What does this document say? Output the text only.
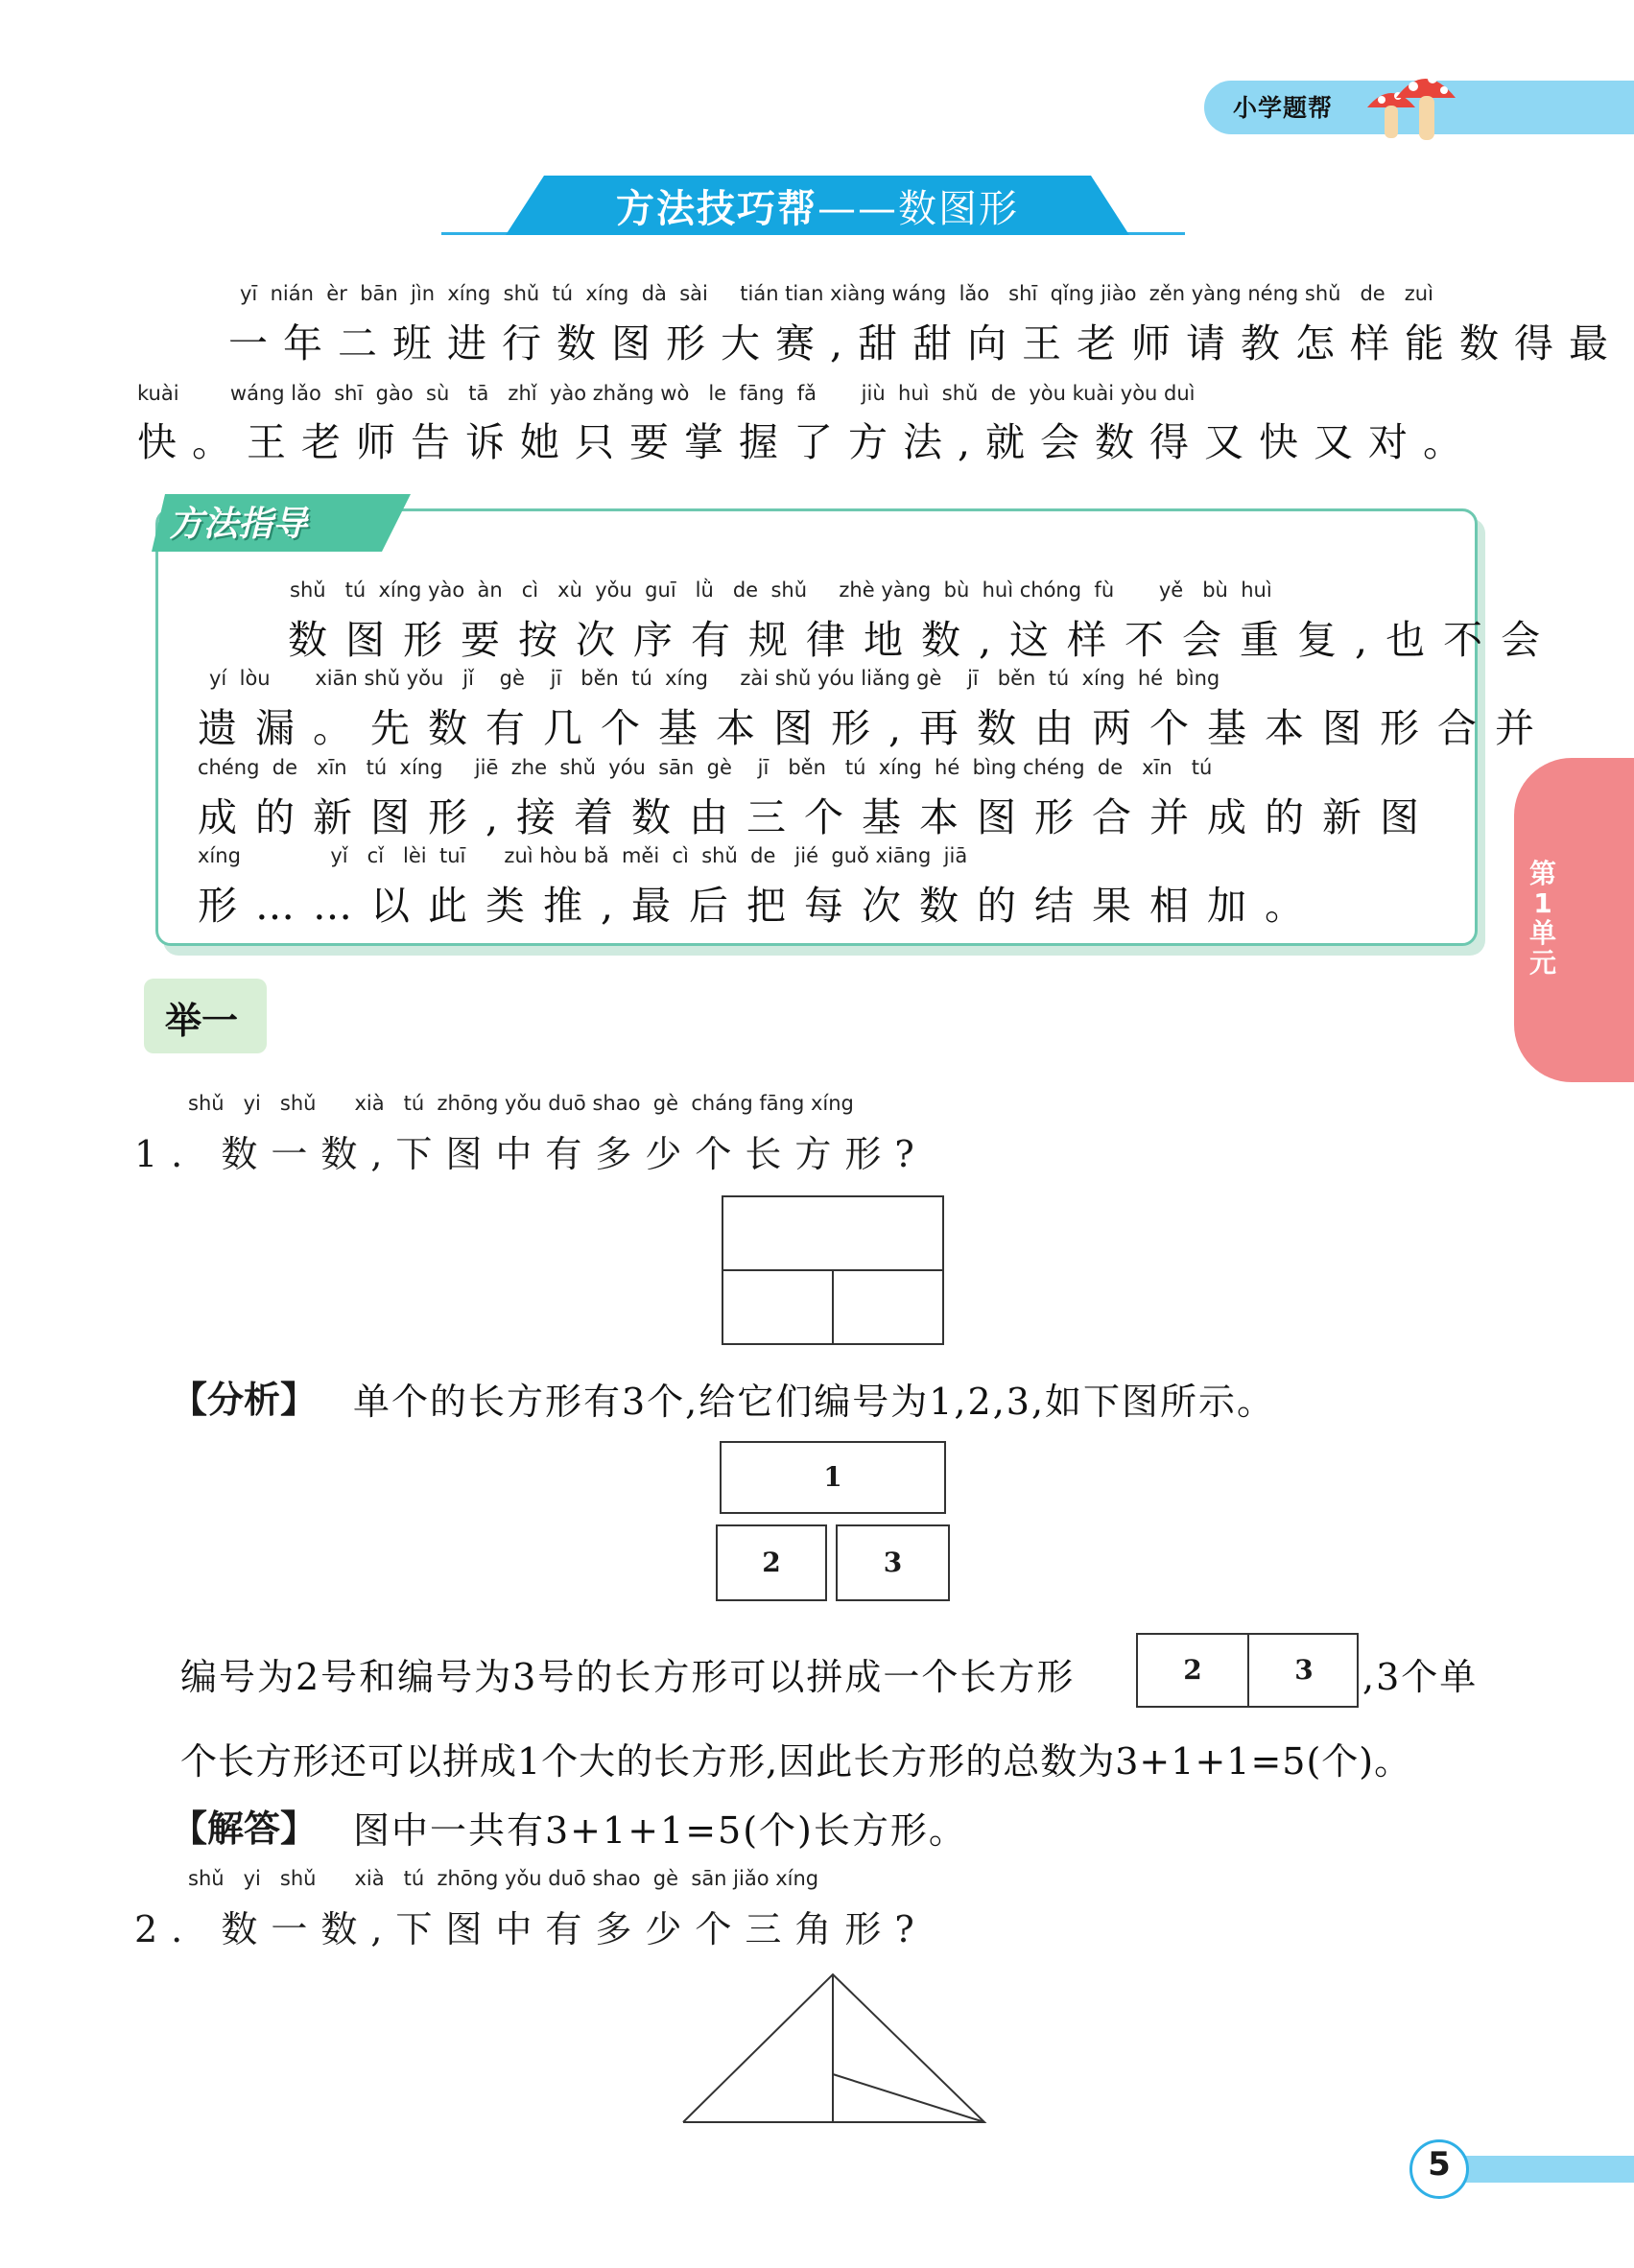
小学题帮
方法技巧帮——数图形
yī  nián  èr  bān  jìn  xíng  shǔ  tú  xíng  dà  sài     tián tian xiàng wáng  lǎo   shī  qǐng jiào  zěn yàng néng shǔ   de   zuì
一年二班进行数图形大赛,甜甜向王老师请教怎样能数得最
kuài        wáng lǎo  shī  gào  sù   tā   zhǐ  yào zhǎng wò   le  fāng  fǎ       jiù  huì  shǔ  de  yòu kuài yòu duì
快。王老师告诉她只要掌握了方法,就会数得又快又对。
方法指导
shǔ   tú  xíng yào  àn   cì   xù  yǒu  guī   lǜ   de  shǔ     zhè yàng  bù  huì chóng  fù       yě   bù  huì
数图形要按次序有规律地数,这样不会重复,也不会
yí  lòu       xiān shǔ yǒu   jǐ    gè    jī   běn  tú  xíng     zài shǔ yóu liǎng gè    jī   běn  tú  xíng  hé  bìng
遗漏。先数有几个基本图形,再数由两个基本图形合并
chéng  de   xīn   tú  xíng     jiē  zhe  shǔ  yóu  sān  gè    jī   běn   tú  xíng  hé  bìng chéng  de   xīn   tú
成的新图形,接着数由三个基本图形合并成的新图
xíng              yǐ   cǐ   lèi  tuī      zuì hòu bǎ  měi  cì  shǔ  de   jié  guǒ xiāng  jiā
形……以此类推,最后把每次数的结果相加。
举一
第1单元
shǔ   yi   shǔ      xià   tú  zhōng yǒu duō shao  gè  cháng fāng xíng
1. 数一数,下图中有多少个长方形?
【分析】 单个的长方形有3个,给它们编号为1,2,3,如下图所示。
1
2	3
编号为2号和编号为3号的长方形可以拼成一个长方形	2	3	,3个单
个长方形还可以拼成1个大的长方形,因此长方形的总数为3+1+1=5(个)。
【解答】 图中一共有3+1+1=5(个)长方形。
shǔ   yi   shǔ      xià   tú  zhōng yǒu duō shao  gè  sān jiǎo xíng
2. 数一数,下图中有多少个三角形?
5
